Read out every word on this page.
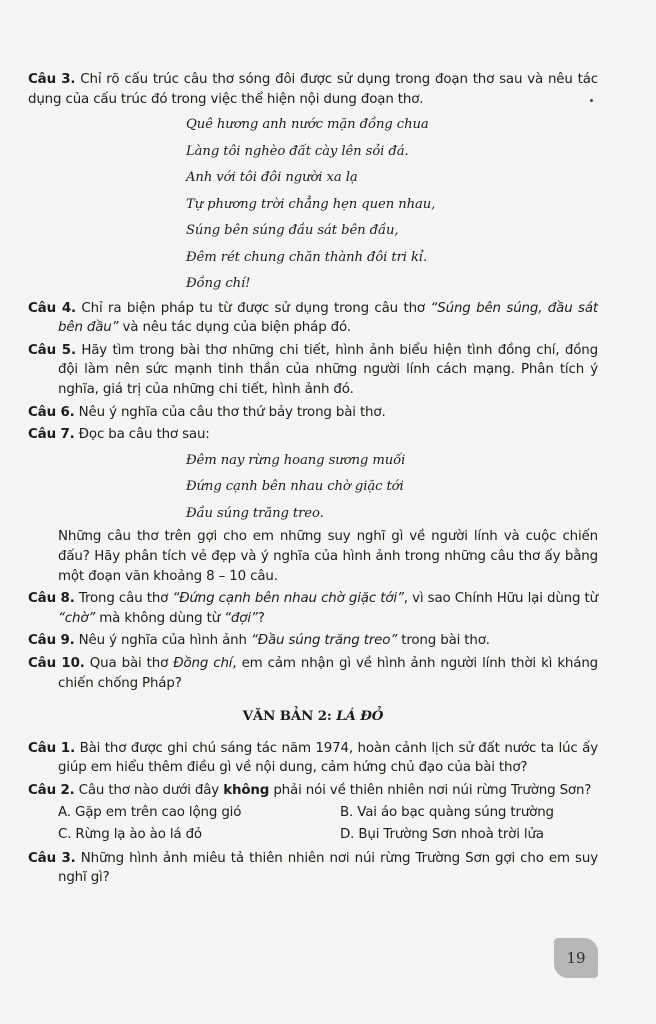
Câu 3. Chỉ rõ cấu trúc câu thơ sóng đôi được sử dụng trong đoạn thơ sau và nêu tác dụng của cấu trúc đó trong việc thể hiện nội dung đoạn thơ.

Quê hương anh nước mặn đồng chua

Làng tôi nghèo đất cày lên sỏi đá.

Anh với tôi đôi người xa lạ

Tự phương trời chẳng hẹn quen nhau,

Súng bên súng đầu sát bên đầu,

Đêm rét chung chăn thành đôi tri kỉ.

Đồng chí!

Câu 4. Chỉ ra biện pháp tu từ được sử dụng trong câu thơ “Súng bên súng, đầu sát bên đầu” và nêu tác dụng của biện pháp đó.

Câu 5. Hãy tìm trong bài thơ những chi tiết, hình ảnh biểu hiện tình đồng chí, đồng đội làm nên sức mạnh tinh thần của những người lính cách mạng. Phân tích ý nghĩa, giá trị của những chi tiết, hình ảnh đó.

Câu 6. Nêu ý nghĩa của câu thơ thứ bảy trong bài thơ.

Câu 7. Đọc ba câu thơ sau:

Đêm nay rừng hoang sương muối

Đứng cạnh bên nhau chờ giặc tới

Đầu súng trăng treo.

Những câu thơ trên gợi cho em những suy nghĩ gì về người lính và cuộc chiến đấu? Hãy phân tích vẻ đẹp và ý nghĩa của hình ảnh trong những câu thơ ấy bằng một đoạn văn khoảng 8 – 10 câu.

Câu 8. Trong câu thơ “Đứng cạnh bên nhau chờ giặc tới”, vì sao Chính Hữu lại dùng từ “chờ” mà không dùng từ “đợi”?

Câu 9. Nêu ý nghĩa của hình ảnh “Đầu súng trăng treo” trong bài thơ.

Câu 10. Qua bài thơ Đồng chí, em cảm nhận gì về hình ảnh người lính thời kì kháng chiến chống Pháp?

VĂN BẢN 2: LÁ ĐỎ

Câu 1. Bài thơ được ghi chú sáng tác năm 1974, hoàn cảnh lịch sử đất nước ta lúc ấy giúp em hiểu thêm điều gì về nội dung, cảm hứng chủ đạo của bài thơ?

Câu 2. Câu thơ nào dưới đây không phải nói về thiên nhiên nơi núi rừng Trường Sơn?

A. Gặp em trên cao lộng gió	B. Vai áo bạc quàng súng trường
C. Rừng lạ ào ào lá đỏ	D. Bụi Trường Sơn nhoà trời lửa

Câu 3. Những hình ảnh miêu tả thiên nhiên nơi núi rừng Trường Sơn gợi cho em suy nghĩ gì?

19
